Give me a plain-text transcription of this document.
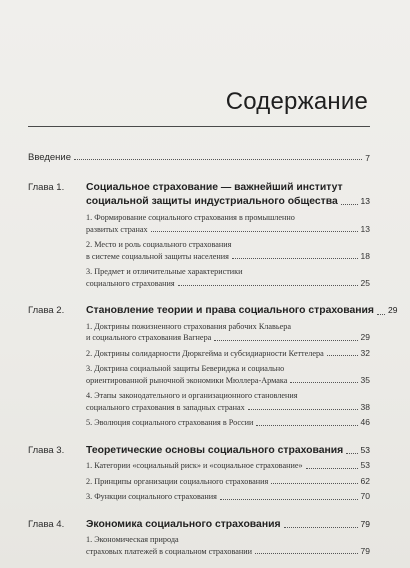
Содержание
Введение	7
Глава 1.	Социальное страхование — важнейший институт
социальной защиты индустриального общества	13
1. Формирование социального страхования в промышленно
развитых странах	13
2. Место и роль социального страхования
в системе социальной защиты населения	18
3. Предмет и отличительные характеристики
социального страхования	25
Глава 2.	Становление теории и права социального страхования 29
1. Доктрины пожизненного страхования рабочих Клавьера
и социального страхования Вагнера	29
2. Доктрины солидарности Дюркгейма и субсидиарности Кеттелера	32
3. Доктрина социальной защиты Бевериджа и социально
ориентированной рыночной экономики Мюллера-Армака	35
4. Этапы законодательного и организационного становления
социального страхования в западных странах	38
5. Эволюция социального страхования в России	46
Глава 3.	Теоретические основы социального страхования 53
1. Категории «социальный риск» и «социальное страхование»	53
2. Принципы организации социального страхования	62
3. Функции социального страхования	70
Глава 4.	Экономика социального страхования	79
1. Экономическая природа
страховых платежей в социальном страховании	79
